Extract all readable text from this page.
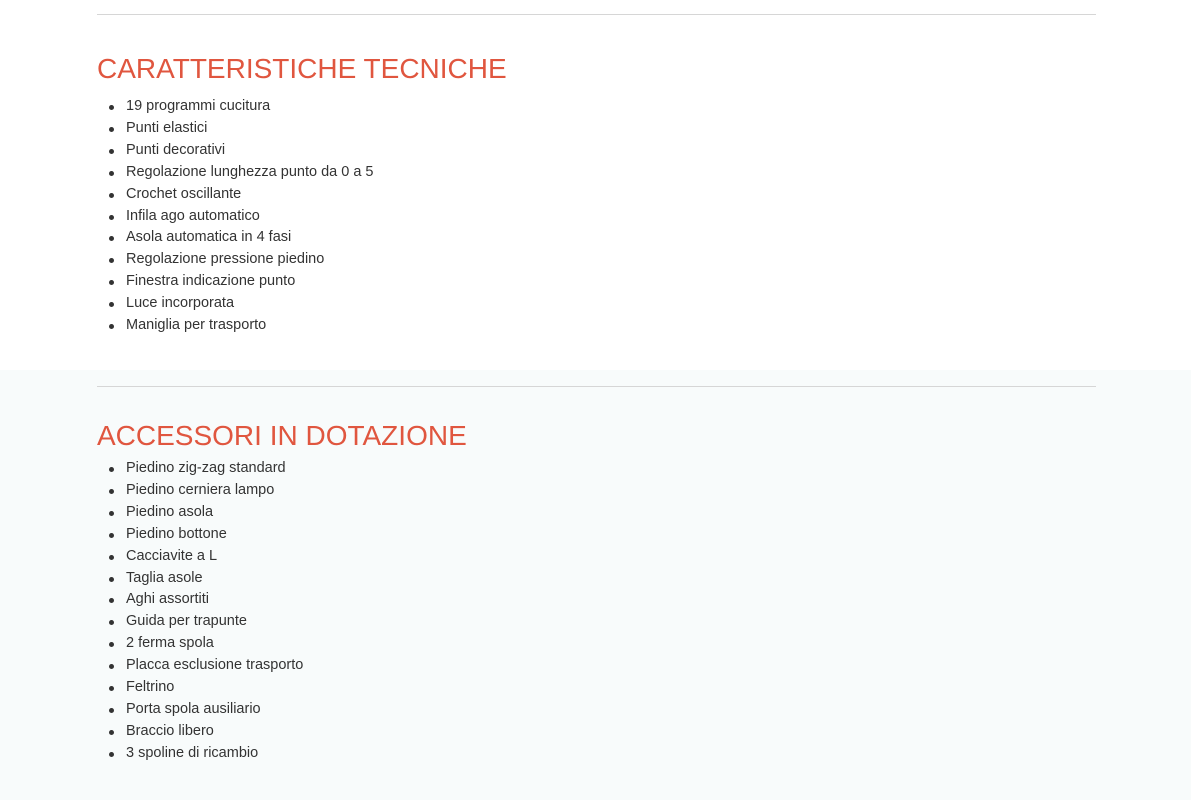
CARATTERISTICHE TECNICHE
19 programmi cucitura
Punti elastici
Punti decorativi
Regolazione lunghezza punto da 0 a 5
Crochet oscillante
Infila ago automatico
Asola automatica in 4 fasi
Regolazione pressione piedino
Finestra indicazione punto
Luce incorporata
Maniglia per trasporto
ACCESSORI IN DOTAZIONE
Piedino zig-zag standard
Piedino cerniera lampo
Piedino asola
Piedino bottone
Cacciavite a L
Taglia asole
Aghi assortiti
Guida per trapunte
2 ferma spola
Placca esclusione trasporto
Feltrino
Porta spola ausiliario
Braccio libero
3 spoline di ricambio
